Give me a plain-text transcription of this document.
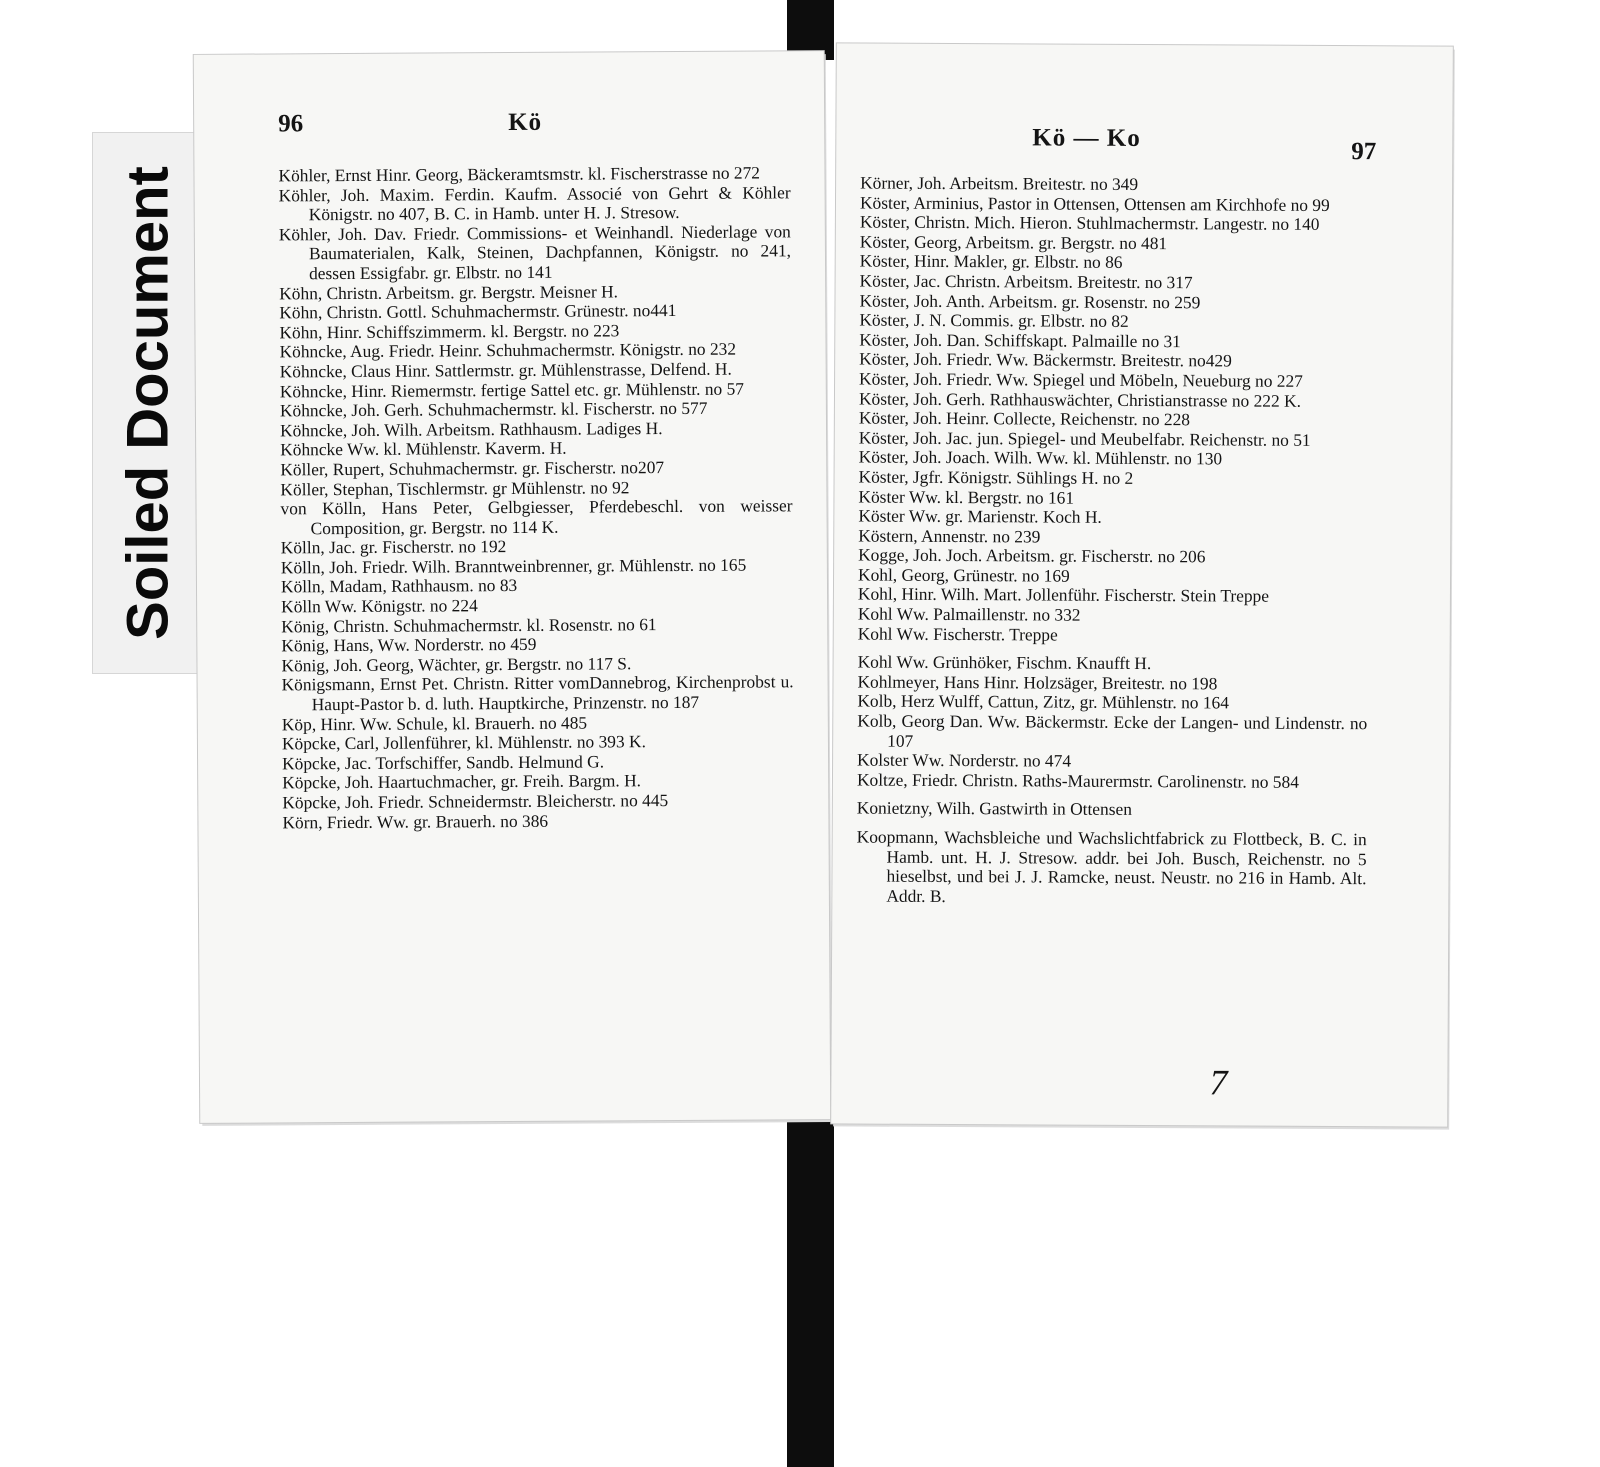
Soiled Document
96	Kö
Köhler, Ernst Hinr. Georg, Bäckeramtsmstr. kl. Fischerstrasse no 272
Köhler, Joh. Maxim. Ferdin. Kaufm. Associé von Gehrt & Köhler Königstr. no 407, B. C. in Hamb. unter H. J. Stresow.
Köhler, Joh. Dav. Friedr. Commissions- et Weinhandl. Niederlage von Baumaterialen, Kalk, Steinen, Dachpfannen, Königstr. no 241, dessen Essigfabr. gr. Elbstr. no 141
Köhn, Christn. Arbeitsm. gr. Bergstr. Meisner H.
Köhn, Christn. Gottl. Schuhmachermstr. Grünestr. no441
Köhn, Hinr. Schiffszimmerm. kl. Bergstr. no 223
Köhncke, Aug. Friedr. Heinr. Schuhmachermstr. Königstr. no 232
Köhncke, Claus Hinr. Sattlermstr. gr. Mühlenstrasse, Delfend. H.
Köhncke, Hinr. Riemermstr. fertige Sattel etc. gr. Mühlenstr. no 57
Köhncke, Joh. Gerh. Schuhmachermstr. kl. Fischerstr. no 577
Köhncke, Joh. Wilh. Arbeitsm. Rathhausm. Ladiges H.
Köhncke Ww. kl. Mühlenstr. Kaverm. H.
Köller, Rupert, Schuhmachermstr. gr. Fischerstr. no207
Köller, Stephan, Tischlermstr. gr Mühlenstr. no 92
von Kölln, Hans Peter, Gelbgiesser, Pferdebeschl. von weisser Composition, gr. Bergstr. no 114 K.
Kölln, Jac. gr. Fischerstr. no 192
Kölln, Joh. Friedr. Wilh. Branntweinbrenner, gr. Mühlenstr. no 165
Kölln, Madam, Rathhausm. no 83
Kölln Ww. Königstr. no 224
König, Christn. Schuhmachermstr. kl. Rosenstr. no 61
König, Hans, Ww. Norderstr. no 459
König, Joh. Georg, Wächter, gr. Bergstr. no 117 S.
Königsmann, Ernst Pet. Christn. Ritter vomDannebrog, Kirchenprobst u. Haupt-Pastor b. d. luth. Hauptkirche, Prinzenstr. no 187
Köp, Hinr. Ww. Schule, kl. Brauerh. no 485
Köpcke, Carl, Jollenführer, kl. Mühlenstr. no 393 K.
Köpcke, Jac. Torfschiffer, Sandb. Helmund G.
Köpcke, Joh. Haartuchmacher, gr. Freih. Bargm. H.
Köpcke, Joh. Friedr. Schneidermstr. Bleicherstr. no 445
Körn, Friedr. Ww. gr. Brauerh. no 386
Kö — Ko	97
Körner, Joh. Arbeitsm. Breitestr. no 349
Köster, Arminius, Pastor in Ottensen, Ottensen am Kirchhofe no 99
Köster, Christn. Mich. Hieron. Stuhlmachermstr. Langestr. no 140
Köster, Georg, Arbeitsm. gr. Bergstr. no 481
Köster, Hinr. Makler, gr. Elbstr. no 86
Köster, Jac. Christn. Arbeitsm. Breitestr. no 317
Köster, Joh. Anth. Arbeitsm. gr. Rosenstr. no 259
Köster, J. N. Commis. gr. Elbstr. no 82
Köster, Joh. Dan. Schiffskapt. Palmaille no 31
Köster, Joh. Friedr. Ww. Bäckermstr. Breitestr. no429
Köster, Joh. Friedr. Ww. Spiegel und Möbeln, Neueburg no 227
Köster, Joh. Gerh. Rathhauswächter, Christianstrasse no 222 K.
Köster, Joh. Heinr. Collecte, Reichenstr. no 228
Köster, Joh. Jac. jun. Spiegel- und Meubelfabr. Reichenstr. no 51
Köster, Joh. Joach. Wilh. Ww. kl. Mühlenstr. no 130
Köster, Jgfr. Königstr. Sühlings H. no 2
Köster Ww. kl. Bergstr. no 161
Köster Ww. gr. Marienstr. Koch H.
Köstern, Annenstr. no 239
Kogge, Joh. Joch. Arbeitsm. gr. Fischerstr. no 206
Kohl, Georg, Grünestr. no 169
Kohl, Hinr. Wilh. Mart. Jollenführ. Fischerstr. Stein Treppe
Kohl Ww. Palmaillenstr. no 332
Kohl Ww. Fischerstr. Treppe
Kohl Ww. Grünhöker, Fischm. Knaufft H.
Kohlmeyer, Hans Hinr. Holzsäger, Breitestr. no 198
Kolb, Herz Wulff, Cattun, Zitz, gr. Mühlenstr. no 164
Kolb, Georg Dan. Ww. Bäckermstr. Ecke der Langen- und Lindenstr. no 107
Kolster Ww. Norderstr. no 474
Koltze, Friedr. Christn. Raths-Maurermstr. Carolinenstr. no 584
Konietzny, Wilh. Gastwirth in Ottensen
Koopmann, Wachsbleiche und Wachslichtfabrick zu Flottbeck, B. C. in Hamb. unt. H. J. Stresow. addr. bei Joh. Busch, Reichenstr. no 5 hieselbst, und bei J. J. Ramcke, neust. Neustr. no 216 in Hamb. Alt. Addr. B.
7
